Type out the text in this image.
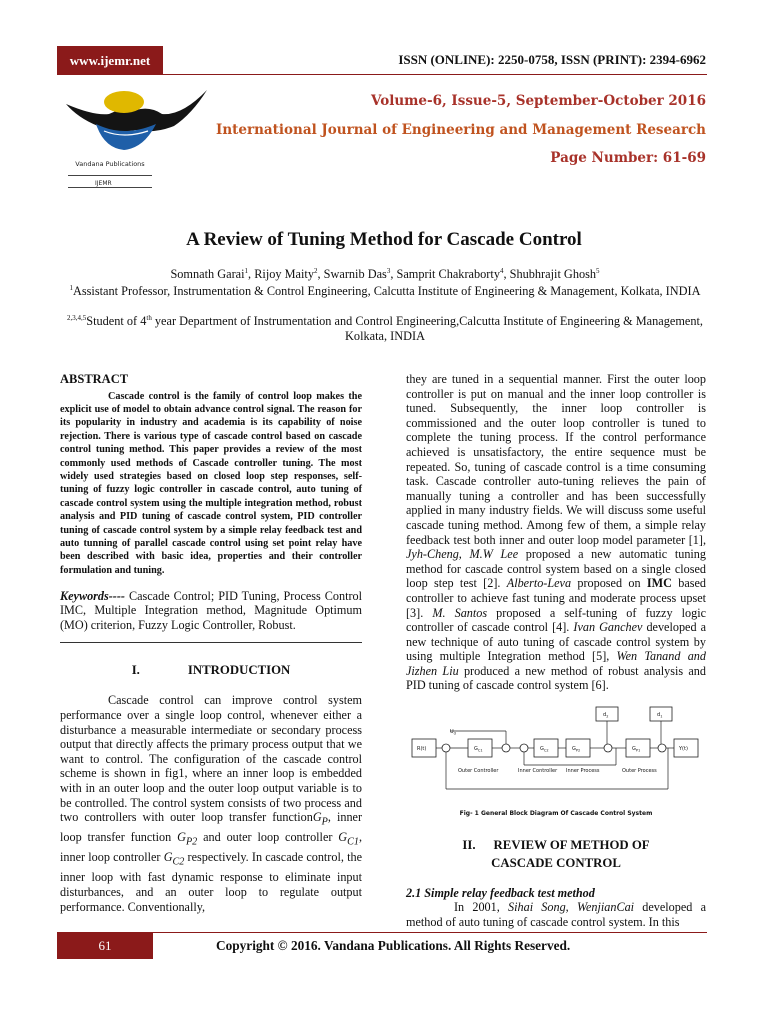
www.ijemr.net	ISSN (ONLINE): 2250-0758, ISSN (PRINT): 2394-6962
Vandana Publications
IJEMR
Volume-6, Issue-5, September-October 2016
International Journal of Engineering and Management Research
Page Number: 61-69
A Review of Tuning Method for Cascade Control
Somnath Garai$^1$, Rijoy Maity$^2$, Swarnib Das$^3$, Samprit Chakraborty$^4$, Shubhrajit Ghosh$^5$
$^1$Assistant Professor, Instrumentation & Control Engineering, Calcutta Institute of Engineering & Management, Kolkata, INDIA
$^{2,3,4,5}$Student of 4th year Department of Instrumentation and Control Engineering,Calcutta Institute of Engineering & Management, Kolkata, INDIA
ABSTRACT
Cascade control is the family of control loop makes the explicit use of model to obtain advance control signal. The reason for its popularity in industry and academia is its capability of noise rejection. There is various type of cascade control based on cascade control tuning method. This paper provides a review of the most commonly used methods of Cascade controller tuning. The most widely used strategies based on closed loop step responses, self- tuning of fuzzy logic controller in cascade control, auto tuning of cascade control system using the multiple integration method, robust analysis and PID tuning of cascade control system, PID controller tuning of cascade control system by a simple relay feedback test and auto tunning of parallel cascade control using set point relay have been described with basic idea, properties and their controller formulation and tuning.
Keywords---- Cascade Control; PID Tuning, Process Control IMC, Multiple Integration method, Magnitude Optimum (MO) criterion, Fuzzy Logic Controller, Robust.
I.	INTRODUCTION
Cascade control can improve control system performance over a single loop control, whenever either a disturbance a measurable intermediate or secondary process output that directly affects the primary process output that we want to control. The configuration of the cascade control scheme is shown in fig1, where an inner loop is embedded with in an outer loop and the outer loop output variable is to be controlled. The control system consists of two process and two controllers with outer loop transfer functionG$_P$, inner loop transfer function $G_{P2}$ and outer loop controller $G_{C1}$, inner loop controller $G_{C2}$ respectively. In cascade control, the inner loop with fast dynamic response to eliminate input disturbances, and an outer loop to regulate output performance. Conventionally,
they are tuned in a sequential manner. First the outer loop controller is put on manual and the inner loop controller is tuned. Subsequently, the inner loop controller is commissioned and the outer loop controller is tuned to complete the tuning process. If the control performance achieved is unsatisfactory, the entire sequence must be repeated. So, tuning of cascade control is a time consuming task. Cascade controller auto-tuning relieves the pain of manually tuning a controller and has been successfully applied in many industry fields. We will discuss some useful cascade tuning method. Among few of them, a simple relay feedback test both inner and outer loop model parameter [1], Jyh-Cheng, M.W Lee proposed a new automatic tuning method for cascade control system based on a single closed loop step test [2]. Alberto-Leva proposed on IMC based controller to achieve fast tuning and moderate process upset [3]. M. Santos proposed a self-tuning of fuzzy logic controller of cascade control [4]. Ivan Ganchev developed a new technique of auto tuning of cascade control system by using multiple Integration method [5], Wen Tanand and Jizhen Liu produced a new method of robust analysis and PID tuning of cascade control system [6].
R(t)	$G_{C1}$	$G_{C2}$	$G_{P2}$	$G_{P1}$	Y(t)
$d_2$	$d_1$
$U_d$
Outer Controller	Inner Controller Inner Process	Outer Process
Fig- 1 General Block Diagram Of Cascade Control System
II. REVIEW OF METHOD OF
CASCADE CONTROL
2.1 Simple relay feedback test method
In 2001, Sihai Song, WenjianCai developed a method of auto tuning of cascade control system. In this
61	Copyright © 2016. Vandana Publications. All Rights Reserved.
